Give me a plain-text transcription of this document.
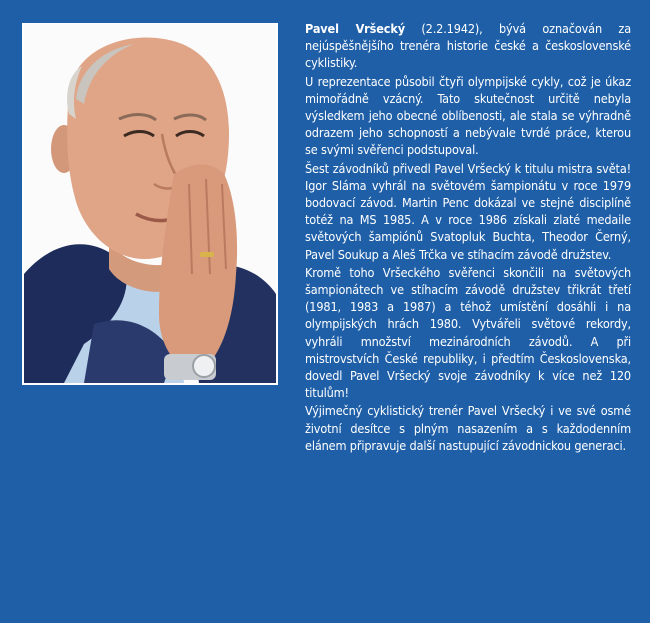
Pavel Vršecký (2.2.1942), bývá označován za nejúspěšnějšího trenéra historie české a československé cyklistiky.

U reprezentace působil čtyři olympijské cykly, což je úkaz mimořádně vzácný. Tato skutečnost určitě nebyla výsledkem jeho obecné oblíbenosti, ale stala se výhradně odrazem jeho schopností a nebývale tvrdé práce, kterou se svými svěřenci podstupoval.

Šest závodníků přivedl Pavel Vršecký k titulu mistra světa! Igor Sláma vyhrál na světovém šampionátu v roce 1979 bodovací závod. Martin Penc dokázal ve stejné disciplíně totéž na MS 1985. A v roce 1986 získali zlaté medaile světových šampiónů Svatopluk Buchta, Theodor Černý, Pavel Soukup a Aleš Trčka ve stíhacím závodě družstev.

Kromě toho Vršeckého svěřenci skončili na světových šampionátech ve stíhacím závodě družstev třikrát třetí (1981, 1983 a 1987) a téhož umístění dosáhli i na olympijských hrách 1980. Vytvářeli světové rekordy, vyhráli množství mezinárodních závodů. A při mistrovstvích České republiky, i předtím Československa, dovedl Pavel Vršecký svoje závodníky k více než 120 titulům!

Výjimečný cyklistický trenér Pavel Vršecký i ve své osmé životní desítce s plným nasazením a s každodenním elánem připravuje další nastupující závodnickou generaci.
